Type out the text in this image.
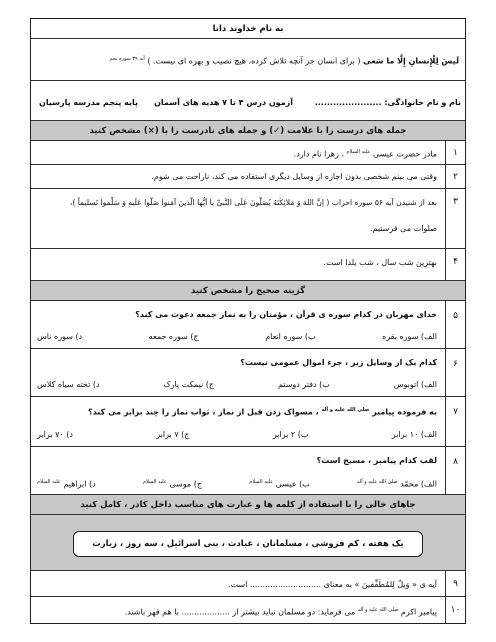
به نام خداوند دانا
لَيسَ لِلْإِنسانِ إِلَّا ما سَعى ( برای انسان جز آنچه تلاش کرده، هیچ نصیب و بهره ای نیست. ) $^{آیه ۳۹ سوره نجم}$
نام و نام خانوادگی: ......................
آزمون درس ۴ تا ۷ هدیه های آسمان
پایه پنجم مدرسه پارسیان
جمله های درست را با علامت (✓) و جمله های نادرست را با (×) مشخص کنید
۱
مادر حضرت عیسی $^{علیه السلام}$ ، زهرا نام دارد.
۲
وقتی می بینم شخصی بدون اجازه از وسایل دیگری استفاده می کند، ناراحت می شوم.
۳
بعد از شنیدن آیه ۵۶ سوره احزاب ( اِنَّ اللهَ وَ مَلائِکَتَهُ یُصَلّونَ عَلَی النَّبیِّ یا اَیُّها الَّذینَ آمَنوا صَلّوا عَلَیهِ وَ سَلِّموا تَسلیماً )،
صلوات می فرستیم.
۴
بهترین شب سال ، شب یلدا است.
گزینه صحیح را مشخص کنید
۵
خدای مهربان در کدام سوره ی قرآن ، مؤمنان را به نماز جمعه دعوت می کند؟
الف) سوره بقره
ب) سوره انعام
ج) سوره جمعه
د) سوره ناس
۶
کدام یک از وسایل زیر ، جزء اموال عمومی نیست؟
الف) اتوبوس
ب) دفتر دوستم
ج) نیمکت پارک
د) تخته سیاه کلاس
۷
به فرموده پیامبر $^{صلی الله علیه و آله}$ ، مسواک زدن قبل از نماز ، ثواب نماز را چند برابر می کند؟
الف) ۱۰ برابر
ب) ۲ برابر
ج) ۷ برابر
د) ۷۰ برابر
۸
لقب کدام پیامبر ، مسیح است؟
الف) محمّد $^{صلی الله علیه و آله}$
ب) عیسی $^{علیه السلام}$
ج) موسی $^{علیه السلام}$
د) ابراهیم $^{علیه السلام}$
جاهای خالی را با استفاده از کلمه ها و عبارت های مناسب داخل کادر ، کامل کنید
یک هفته ، کم فروشی ، مسلمانان ، عبادت ، بنی اسرائیل ، سه روز ، زیارت
۹
آیه ی « وَیلٌ لِلمُطَفِّفینَ » به معنای ............................ است.
۱۰
پیامبر اکرم $^{صلی الله علیه و آله}$ می فرماید: دو مسلمان نباید بیشتر از ................... با هم قهر باشند.
